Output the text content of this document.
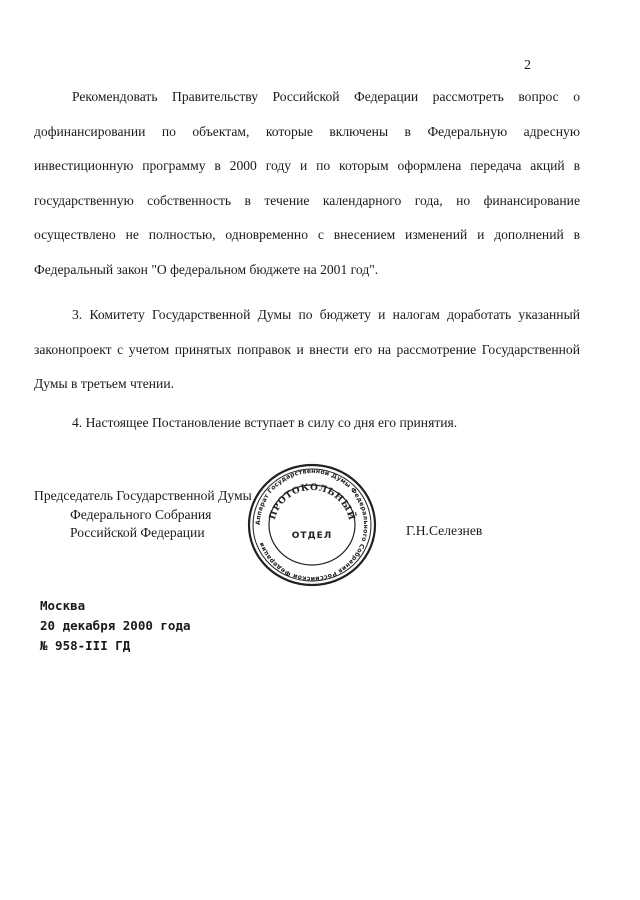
2

Рекомендовать Правительству Российской Федерации рассмотреть вопрос о дофинансировании по объектам, которые включены в Федеральную адресную инвестиционную программу в 2000 году и по которым оформлена передача акций в государственную собственность в течение календарного года, но финансирование осуществлено не полностью, одновременно с внесением изменений и дополнений в Федеральный закон "О федеральном бюджете на 2001 год".

3. Комитету Государственной Думы по бюджету и налогам доработать указанный законопроект с учетом принятых поправок и внести его на рассмотрение Государственной Думы в третьем чтении.

4. Настоящее Постановление вступает в силу со дня его принятия.

Председатель Государственной Думы
Федерального Собрания
Российской Федерации
Аппарат Государственной Думы Федерального Собрания Российской Федерации
ПРОТОКОЛЬНЫЙ
ОТДЕЛ	Г.Н.Селезнев
Москва
20 декабря 2000 года
№ 958-III ГД
